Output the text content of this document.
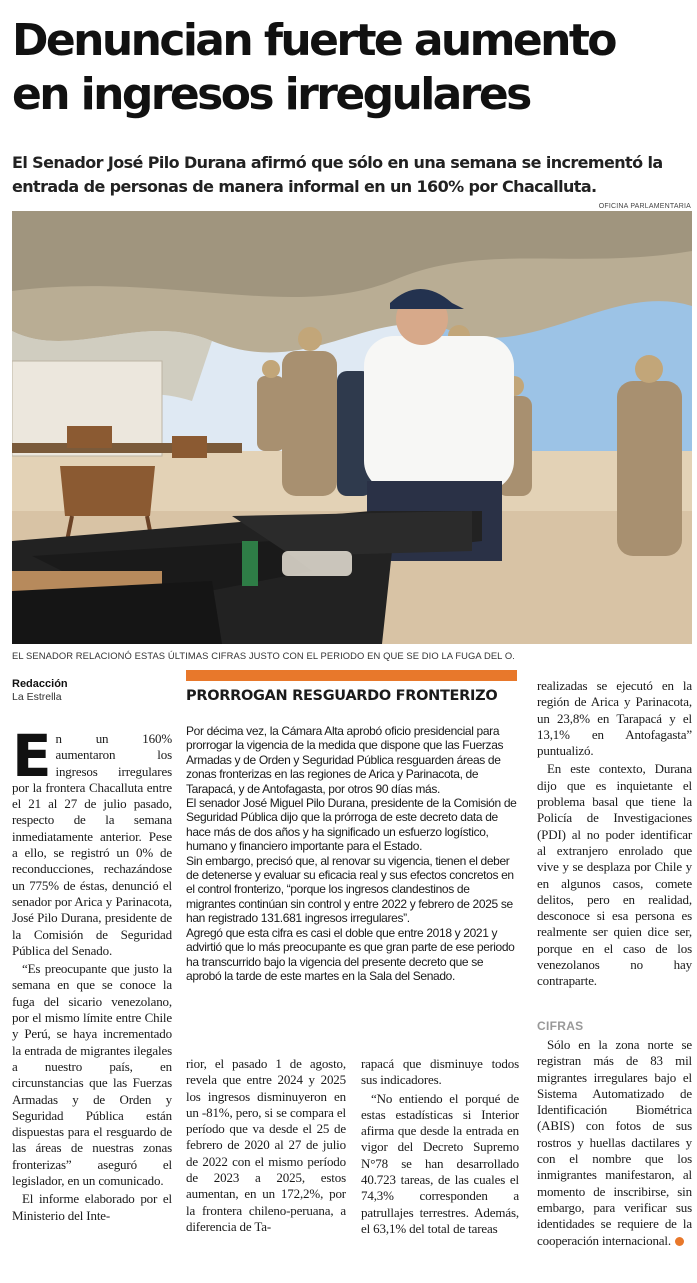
Denuncian fuerte aumento
en ingresos irregulares

El Senador José Pilo Durana afirmó que sólo en una semana se incrementó la entrada de personas de manera informal en un 160% por Chacalluta.

OFICINA PARLAMENTARIA
EL SENADOR RELACIONÓ ESTAS ÚLTIMAS CIFRAS JUSTO CON EL PERIODO EN QUE SE DIO LA FUGA DEL O.
Redacción
La Estrella

En un 160% aumentaron los ingresos irregulares por la frontera Chacalluta entre el 21 al 27 de julio pasado, respecto de la semana inmediatamente anterior. Pese a ello, se registró un 0% de reconducciones, rechazándose un 775% de éstas, denunció el senador por Arica y Parinacota, José Pilo Durana, presidente de la Comisión de Seguridad Pública del Senado.

“Es preocupante que justo la semana en que se conoce la fuga del sicario venezolano, por el mismo límite entre Chile y Perú, se haya incrementado la entrada de migrantes ilegales a nuestro país, en circunstancias que las Fuerzas Armadas y de Orden y Seguridad Pública están dispuestas para el resguardo de las áreas de nuestras zonas fronterizas” aseguró el legislador, en un comunicado.

El informe elaborado por el Ministerio del Inte-

PRORROGAN RESGUARDO FRONTERIZO

Por décima vez, la Cámara Alta aprobó oficio presidencial para prorrogar la vigencia de la medida que dispone que las Fuerzas Armadas y de Orden y Seguridad Pública resguarden áreas de zonas fronterizas en las regiones de Arica y Parinacota, de Tarapacá, y de Antofagasta, por otros 90 días más.

El senador José Miguel Pilo Durana, presidente de la Comisión de Seguridad Pública dijo que la prórroga de este decreto data de hace más de dos años y ha significado un esfuerzo logístico, humano y financiero importante para el Estado.

Sin embargo, precisó que, al renovar su vigencia, tienen el deber de detenerse y evaluar su eficacia real y sus efectos concretos en el control fronterizo, “porque los ingresos clandestinos de migrantes continúan sin control y entre 2022 y febrero de 2025 se han registrado 131.681 ingresos irregulares”.

Agregó que esta cifra es casi el doble que entre 2018 y 2021 y advirtió que lo más preocupante es que gran parte de ese periodo ha transcurrido bajo la vigencia del presente decreto que se aprobó la tarde de este martes en la Sala del Senado.

rior, el pasado 1 de agosto, revela que entre 2024 y 2025 los ingresos disminuyeron en un -81%, pero, si se compara el período que va desde el 25 de febrero de 2020 al 27 de julio de 2022 con el mismo período de 2023 a 2025, estos aumentan, en un 172,2%, por la frontera chileno-peruana, a diferencia de Ta-

rapacá que disminuye todos sus indicadores.

“No entiendo el porqué de estas estadísticas si Interior afirma que desde la entrada en vigor del Decreto Supremo N°78 se han desarrollado 40.723 tareas, de las cuales el 74,3% corresponden a patrullajes terrestres. Además, el 63,1% del total de tareas

realizadas se ejecutó en la región de Arica y Parinacota, un 23,8% en Tarapacá y el 13,1% en Antofagasta” puntualizó.

En este contexto, Durana dijo que es inquietante el problema basal que tiene la Policía de Investigaciones (PDI) al no poder identificar al extranjero enrolado que vive y se desplaza por Chile y en algunos casos, comete delitos, pero en realidad, desconoce si esa persona es realmente ser quien dice ser, porque en el caso de los venezolanos no hay contraparte.

CIFRAS

Sólo en la zona norte se registran más de 83 mil migrantes irregulares bajo el Sistema Automatizado de Identificación Biométrica (ABIS) con fotos de sus rostros y huellas dactilares y con el nombre que los inmigrantes manifestaron, al momento de inscribirse, sin embargo, para verificar sus identidades se requiere de la cooperación internacional.
